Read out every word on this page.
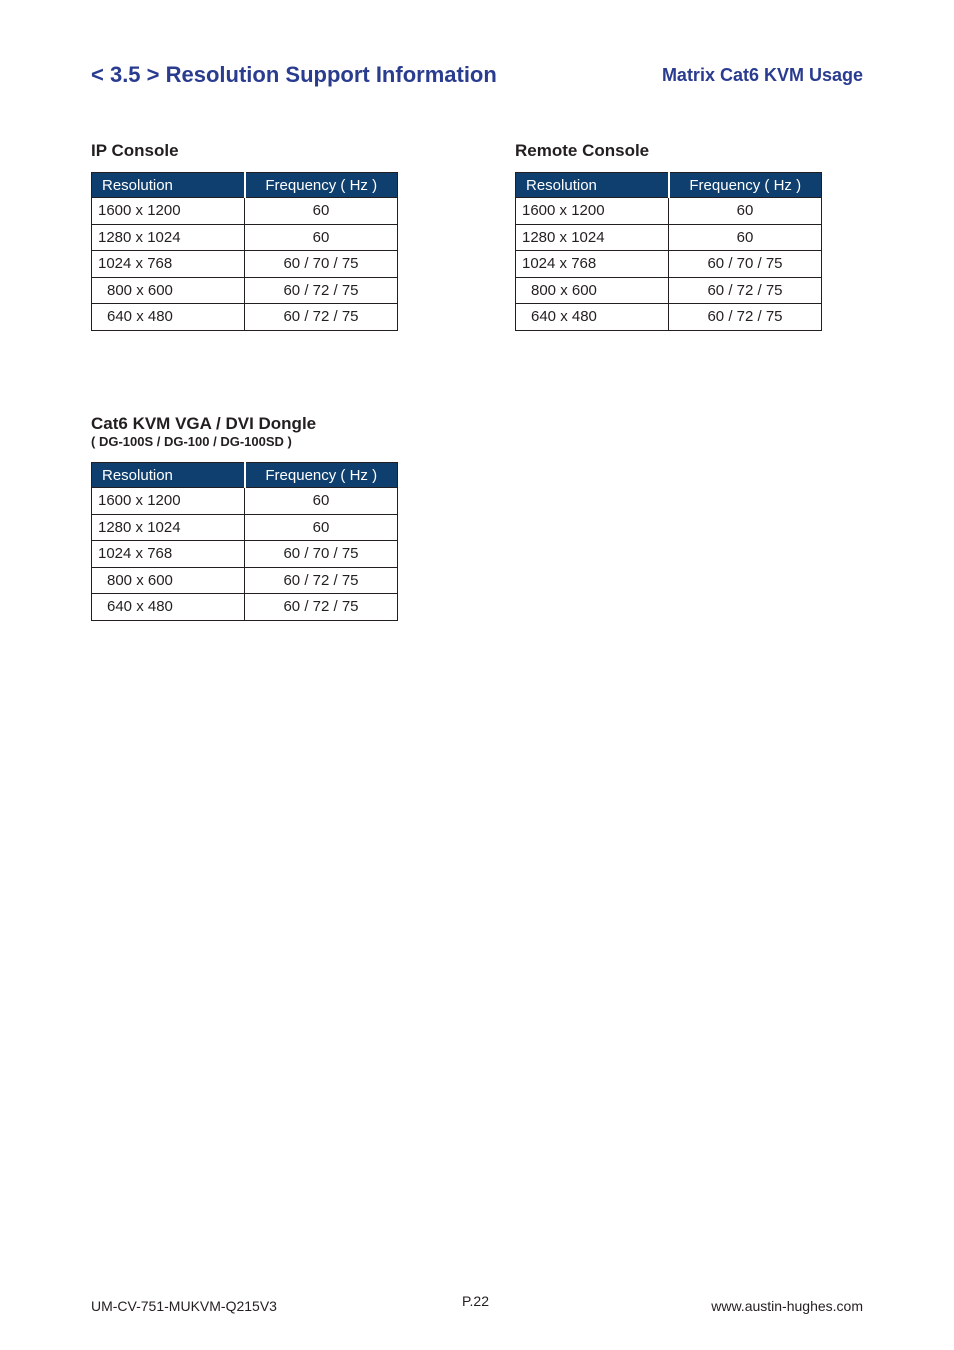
< 3.5 > Resolution Support Information	Matrix Cat6 KVM Usage

IP Console

Resolution	Frequency ( Hz )
1600 x 1200	60
1280 x 1024	60
1024 x 768	60 / 70 / 75
800 x 600	60 / 72 / 75
640 x 480	60 / 72 / 75

Remote Console

Resolution	Frequency ( Hz )
1600 x 1200	60
1280 x 1024	60
1024 x 768	60 / 70 / 75
800 x 600	60 / 72 / 75
640 x 480	60 / 72 / 75

Cat6 KVM VGA / DVI Dongle

( DG-100S / DG-100 / DG-100SD )

Resolution	Frequency ( Hz )
1600 x 1200	60
1280 x 1024	60
1024 x 768	60 / 70 / 75
800 x 600	60 / 72 / 75
640 x 480	60 / 72 / 75
UM-CV-751-MUKVM-Q215V3	P.22	www.austin-hughes.com
